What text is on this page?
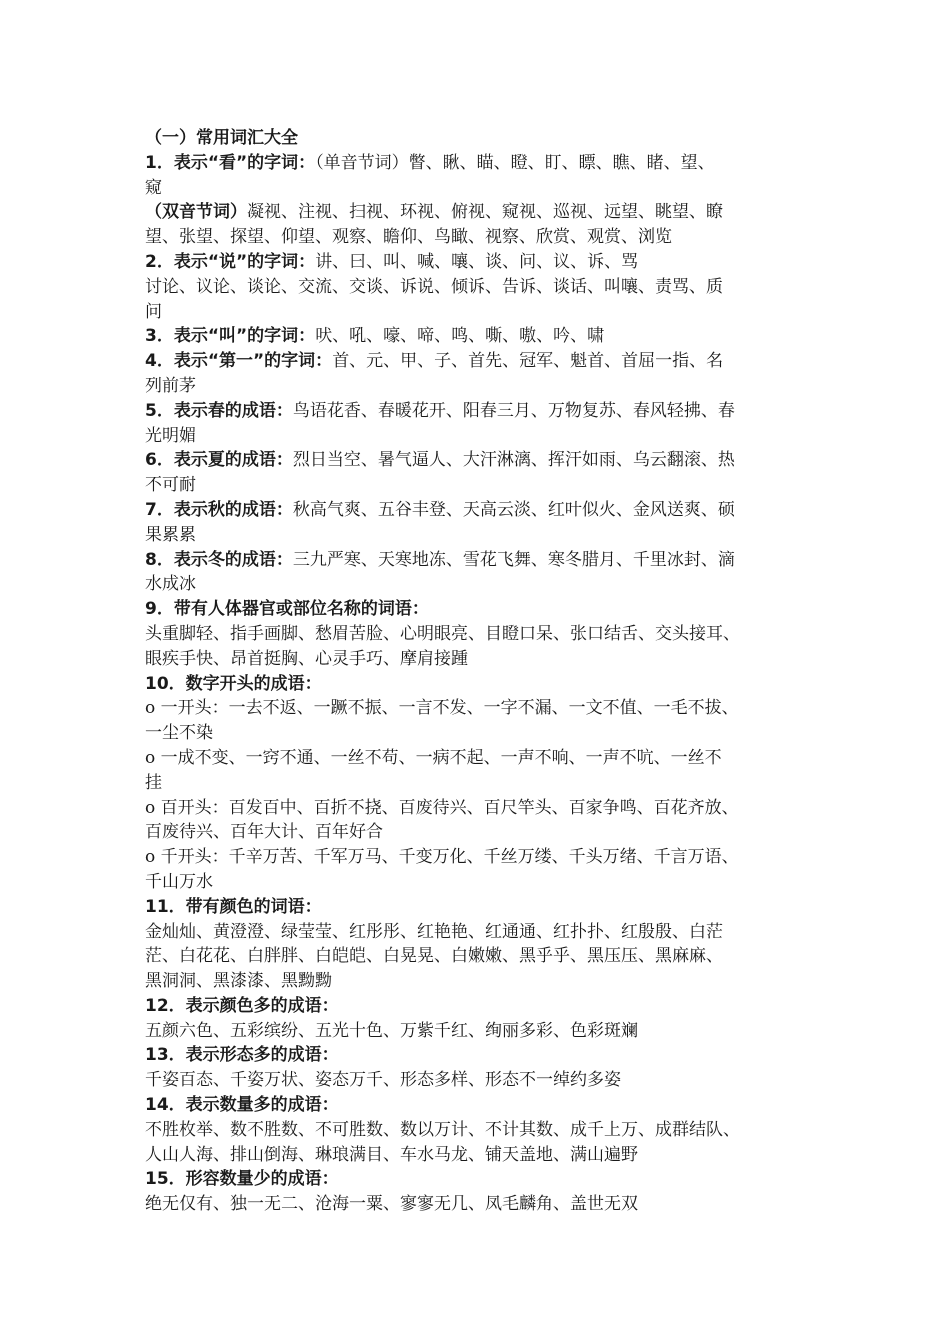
（一）常用词汇大全
1．表示“看”的字词：（单音节词）瞥、瞅、瞄、瞪、盯、瞟、瞧、睹、望、
窥
（双音节词）凝视、注视、扫视、环视、俯视、窥视、巡视、远望、眺望、瞭
望、张望、探望、仰望、观察、瞻仰、鸟瞰、视察、欣赏、观赏、浏览
2．表示“说”的字词：讲、曰、叫、喊、嚷、谈、问、议、诉、骂
讨论、议论、谈论、交流、交谈、诉说、倾诉、告诉、谈话、叫嚷、责骂、质
问
3．表示“叫”的字词：吠、吼、嚎、啼、鸣、嘶、嗷、吟、啸
4．表示“第一”的字词：首、元、甲、子、首先、冠军、魁首、首屈一指、名
列前茅
5．表示春的成语：鸟语花香、春暖花开、阳春三月、万物复苏、春风轻拂、春
光明媚
6．表示夏的成语：烈日当空、暑气逼人、大汗淋漓、挥汗如雨、乌云翻滚、热
不可耐
7．表示秋的成语：秋高气爽、五谷丰登、天高云淡、红叶似火、金风送爽、硕
果累累
8．表示冬的成语：三九严寒、天寒地冻、雪花飞舞、寒冬腊月、千里冰封、滴
水成冰
9．带有人体器官或部位名称的词语：
头重脚轻、指手画脚、愁眉苦脸、心明眼亮、目瞪口呆、张口结舌、交头接耳、
眼疾手快、昂首挺胸、心灵手巧、摩肩接踵
10．数字开头的成语：
o 一开头：一去不返、一蹶不振、一言不发、一字不漏、一文不值、一毛不拔、
一尘不染
o 一成不变、一窍不通、一丝不苟、一病不起、一声不响、一声不吭、一丝不
挂
o 百开头：百发百中、百折不挠、百废待兴、百尺竿头、百家争鸣、百花齐放、
百废待兴、百年大计、百年好合
o 千开头：千辛万苦、千军万马、千变万化、千丝万缕、千头万绪、千言万语、
千山万水
11．带有颜色的词语：
金灿灿、黄澄澄、绿莹莹、红彤彤、红艳艳、红通通、红扑扑、红殷殷、白茫
茫、白花花、白胖胖、白皑皑、白晃晃、白嫩嫩、黑乎乎、黑压压、黑麻麻、
黑洞洞、黑漆漆、黑黝黝
12．表示颜色多的成语：
五颜六色、五彩缤纷、五光十色、万紫千红、绚丽多彩、色彩斑斓
13．表示形态多的成语：
千姿百态、千姿万状、姿态万千、形态多样、形态不一绰约多姿
14．表示数量多的成语：
不胜枚举、数不胜数、不可胜数、数以万计、不计其数、成千上万、成群结队、
人山人海、排山倒海、琳琅满目、车水马龙、铺天盖地、满山遍野
15．形容数量少的成语：
绝无仅有、独一无二、沧海一粟、寥寥无几、凤毛麟角、盖世无双
